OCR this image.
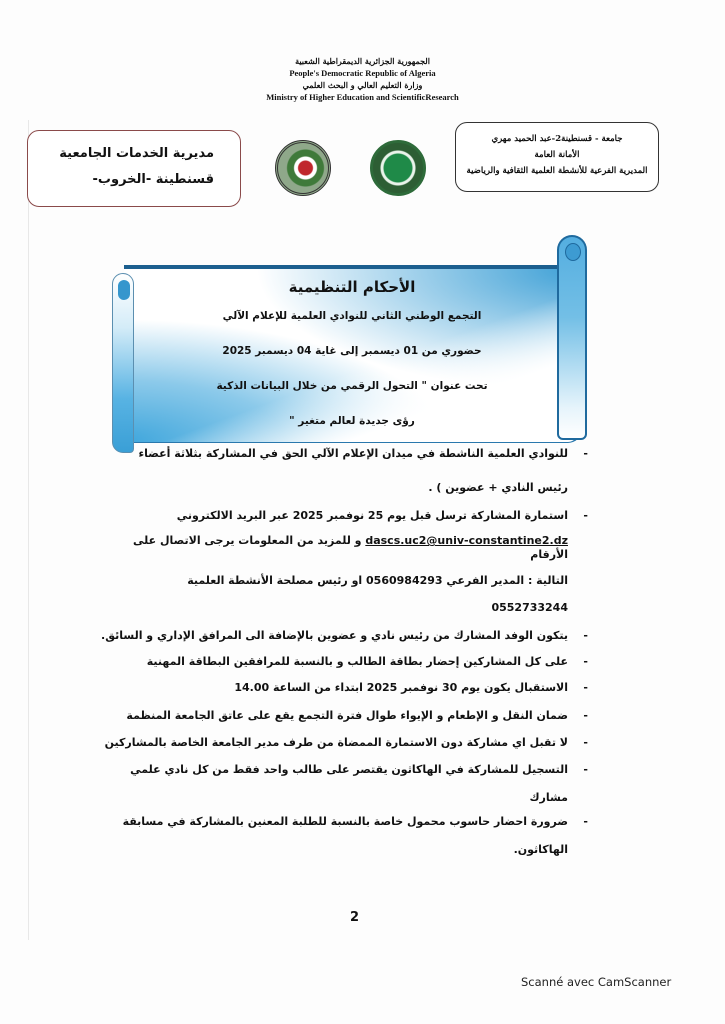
الجمهورية الجزائرية الديمقراطية الشعبية
People's Democratic Republic of Algeria
وزارة التعليم العالي و البحث العلمي
Ministry of Higher Education and ScientificResearch
مديرية الخدمات الجامعية
قسنطينة -الخروب-
جامعة - قسنطينة2-عبد الحميد مهري
الأمانة العامة
المديرية الفرعية للأنشطة العلمية الثقافية والرياضية
الأحكام التنظيمية
التجمع الوطني الثاني للنوادي العلمية للإعلام الآلي
حضوري من 01 ديسمبر إلى غاية 04 ديسمبر 2025
تحت عنوان " التحول الرقمي من خلال البيانات الذكية
رؤى جديدة لعالم متغير "
-
للنوادي العلمية الناشطة في ميدان الإعلام الآلي الحق في المشاركة بثلاثة أعضاء
رئيس النادي + عضوين ) .
-
استمارة المشاركة ترسل قبل يوم 25 نوفمبر 2025 عبر البريد الالكتروني
dascs.uc2@univ-constantine2.dz و للمزيد من المعلومات يرجى الاتصال على الأرقام
التالية : المدير الفرعي 0560984293 او رئيس مصلحة الأنشطة العلمية
0552733244
-
يتكون الوفد المشارك من رئيس نادي و عضوين بالإضافة الى المرافق الإداري و السائق.
-
على كل المشاركين إحضار بطاقة الطالب و بالنسبة للمرافقين البطاقة المهنية
-
الاستقبال يكون يوم 30 نوفمبر 2025 ابتداء من الساعة 14.00
-
ضمان النقل و الإطعام و الإيواء طوال فترة التجمع يقع على عاتق الجامعة المنظمة
-
لا تقبل اي مشاركة دون الاستمارة الممضاة من طرف مدير الجامعة الخاصة بالمشاركين
-
التسجيل للمشاركة في الهاكاثون يقتصر على طالب واحد فقط من كل نادي علمي
مشارك
-
ضرورة احضار حاسوب محمول خاصة بالنسبة للطلبة المعنين بالمشاركة في مسابقة
الهاكاثون.
2
Scanné avec CamScanner
